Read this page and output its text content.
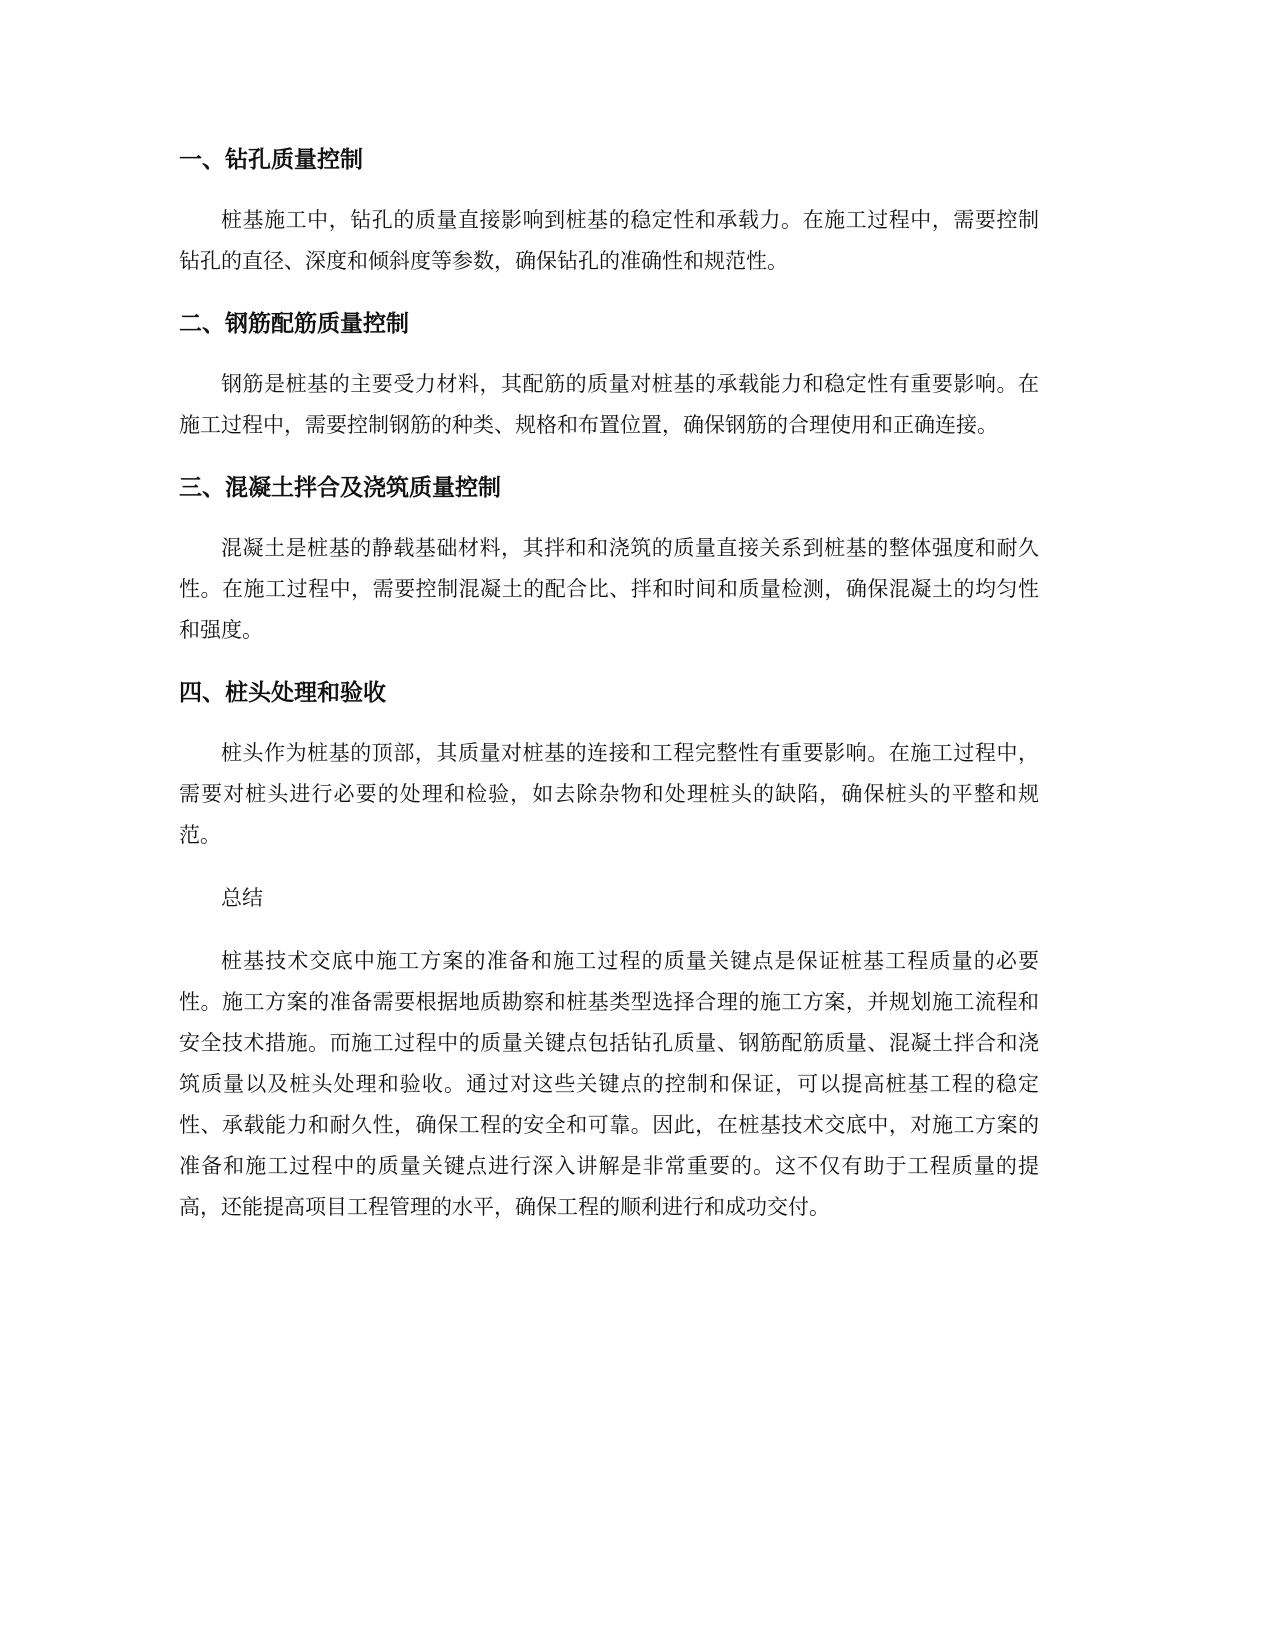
一、钻孔质量控制

桩基施工中，钻孔的质量直接影响到桩基的稳定性和承载力。在施工过程中，需要控制钻孔的直径、深度和倾斜度等参数，确保钻孔的准确性和规范性。

二、钢筋配筋质量控制

钢筋是桩基的主要受力材料，其配筋的质量对桩基的承载能力和稳定性有重要影响。在施工过程中，需要控制钢筋的种类、规格和布置位置，确保钢筋的合理使用和正确连接。

三、混凝土拌合及浇筑质量控制

混凝土是桩基的静载基础材料，其拌和和浇筑的质量直接关系到桩基的整体强度和耐久性。在施工过程中，需要控制混凝土的配合比、拌和时间和质量检测，确保混凝土的均匀性和强度。

四、桩头处理和验收

桩头作为桩基的顶部，其质量对桩基的连接和工程完整性有重要影响。在施工过程中，需要对桩头进行必要的处理和检验，如去除杂物和处理桩头的缺陷，确保桩头的平整和规范。

总结

桩基技术交底中施工方案的准备和施工过程的质量关键点是保证桩基工程质量的必要性。施工方案的准备需要根据地质勘察和桩基类型选择合理的施工方案，并规划施工流程和安全技术措施。而施工过程中的质量关键点包括钻孔质量、钢筋配筋质量、混凝土拌合和浇筑质量以及桩头处理和验收。通过对这些关键点的控制和保证，可以提高桩基工程的稳定性、承载能力和耐久性，确保工程的安全和可靠。因此，在桩基技术交底中，对施工方案的准备和施工过程中的质量关键点进行深入讲解是非常重要的。这不仅有助于工程质量的提高，还能提高项目工程管理的水平，确保工程的顺利进行和成功交付。
